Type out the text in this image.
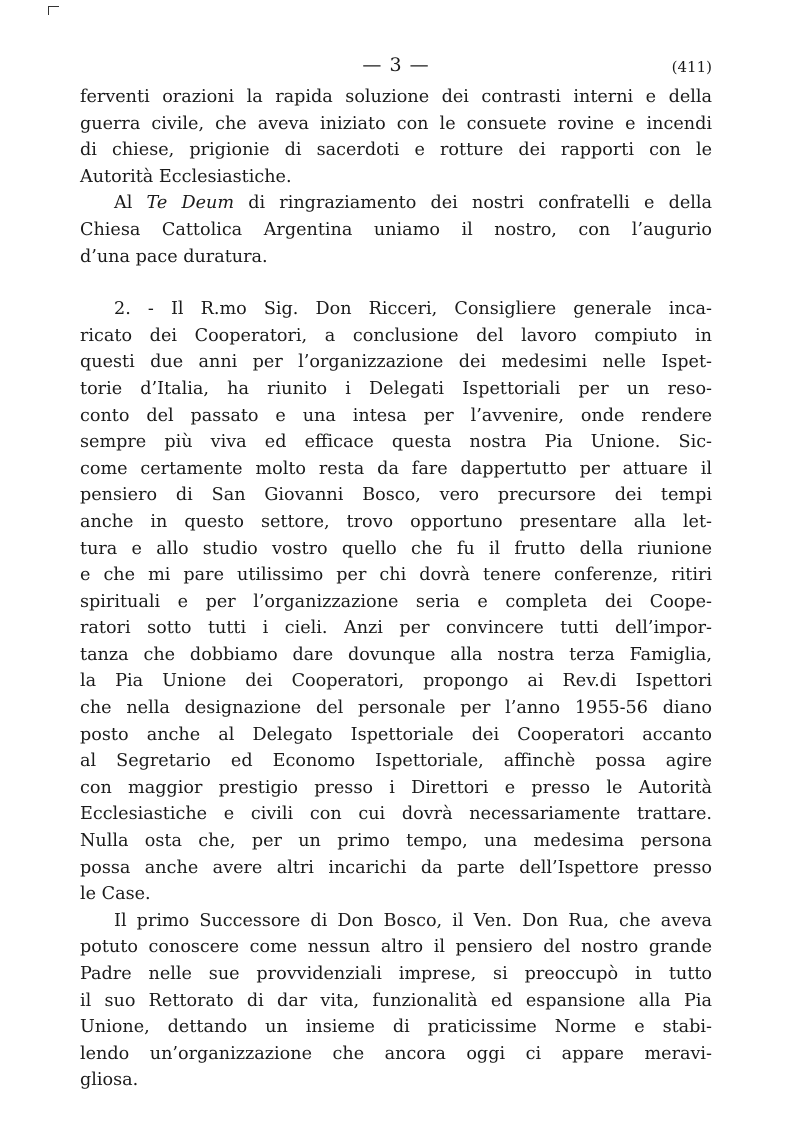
— 3 —	(411)
ferventi orazioni la rapida soluzione dei contrasti interni e della
guerra civile, che aveva iniziato con le consuete rovine e incendi
di chiese, prigionie di sacerdoti e rotture dei rapporti con le
Autorità Ecclesiastiche.
Al Te Deum di ringraziamento dei nostri confratelli e della
Chiesa Cattolica Argentina uniamo il nostro, con l’augurio
d’una pace duratura.
2. - Il R.mo Sig. Don Ricceri, Consigliere generale inca-
ricato dei Cooperatori, a conclusione del lavoro compiuto in
questi due anni per l’organizzazione dei medesimi nelle Ispet-
torie d’Italia, ha riunito i Delegati Ispettoriali per un reso-
conto del passato e una intesa per l’avvenire, onde rendere
sempre più viva ed efficace questa nostra Pia Unione. Sic-
come certamente molto resta da fare dappertutto per attuare il
pensiero di San Giovanni Bosco, vero precursore dei tempi
anche in questo settore, trovo opportuno presentare alla let-
tura e allo studio vostro quello che fu il frutto della riunione
e che mi pare utilissimo per chi dovrà tenere conferenze, ritiri
spirituali e per l’organizzazione seria e completa dei Coope-
ratori sotto tutti i cieli. Anzi per convincere tutti dell’impor-
tanza che dobbiamo dare dovunque alla nostra terza Famiglia,
la Pia Unione dei Cooperatori, propongo ai Rev.di Ispettori
che nella designazione del personale per l’anno 1955-56 diano
posto anche al Delegato Ispettoriale dei Cooperatori accanto
al Segretario ed Economo Ispettoriale, affinchè possa agire
con maggior prestigio presso i Direttori e presso le Autorità
Ecclesiastiche e civili con cui dovrà necessariamente trattare.
Nulla osta che, per un primo tempo, una medesima persona
possa anche avere altri incarichi da parte dell’Ispettore presso
le Case.
Il primo Successore di Don Bosco, il Ven. Don Rua, che aveva
potuto conoscere come nessun altro il pensiero del nostro grande
Padre nelle sue provvidenziali imprese, si preoccupò in tutto
il suo Rettorato di dar vita, funzionalità ed espansione alla Pia
Unione, dettando un insieme di praticissime Norme e stabi-
lendo un’organizzazione che ancora oggi ci appare meravi-
gliosa.
